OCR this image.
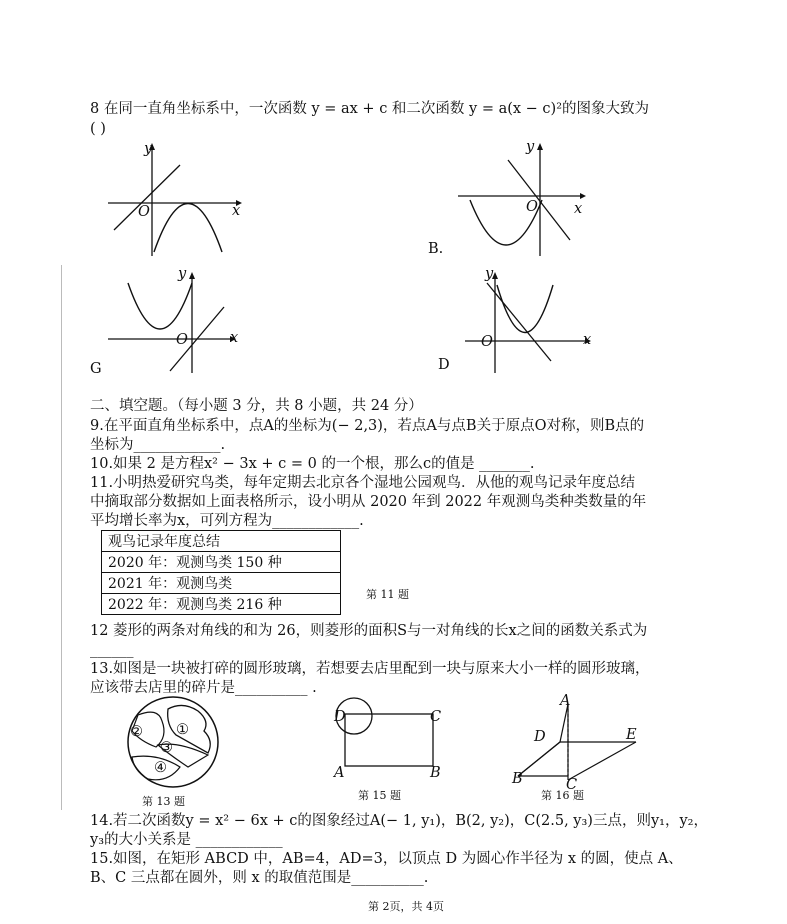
8 在同一直角坐标系中，一次函数 y = ax + c 和二次函数 y = a(x − c)²的图象大致为
( )
y
x
O
y
x
O
B.
y
x
O
G
y
x
O
D
二、填空题。（每小题 3 分，共 8 小题，共 24 分）
9.在平面直角坐标系中，点A的坐标为(− 2,3)，若点A与点B关于原点O对称，则B点的
坐标为____________.
10.如果 2 是方程x² − 3x + c = 0 的一个根，那么c的值是 _______.
11.小明热爱研究鸟类，每年定期去北京各个湿地公园观鸟．从他的观鸟记录年度总结
中摘取部分数据如上面表格所示，设小明从 2020 年到 2022 年观测鸟类种类数量的年
平均增长率为x，可列方程为____________.
观鸟记录年度总结
2020 年：观测鸟类 150 种
2021 年：观测鸟类
2022 年：观测鸟类 216 种
第 11 题
12 菱形的两条对角线的和为 26，则菱形的面积S与一对角线的长x之间的函数关系式为
______
13.如图是一块被打碎的圆形玻璃，若想要去店里配到一块与原来大小一样的圆形玻璃，
应该带去店里的碎片是__________ .
② ①
③
④
第 13 题
D	C
A	B
第 15 题
A
D	E
B	C
第 16 题
14.若二次函数y = x² − 6x + c的图象经过A(− 1, y₁)，B(2, y₂)，C(2.5, y₃)三点，则y₁，y₂，
y₃的大小关系是 ____________
15.如图，在矩形 ABCD 中，AB=4，AD=3，以顶点 D 为圆心作半径为 x 的圆，使点 A、
B、C 三点都在圆外，则 x 的取值范围是__________.
第 2页，共 4页
